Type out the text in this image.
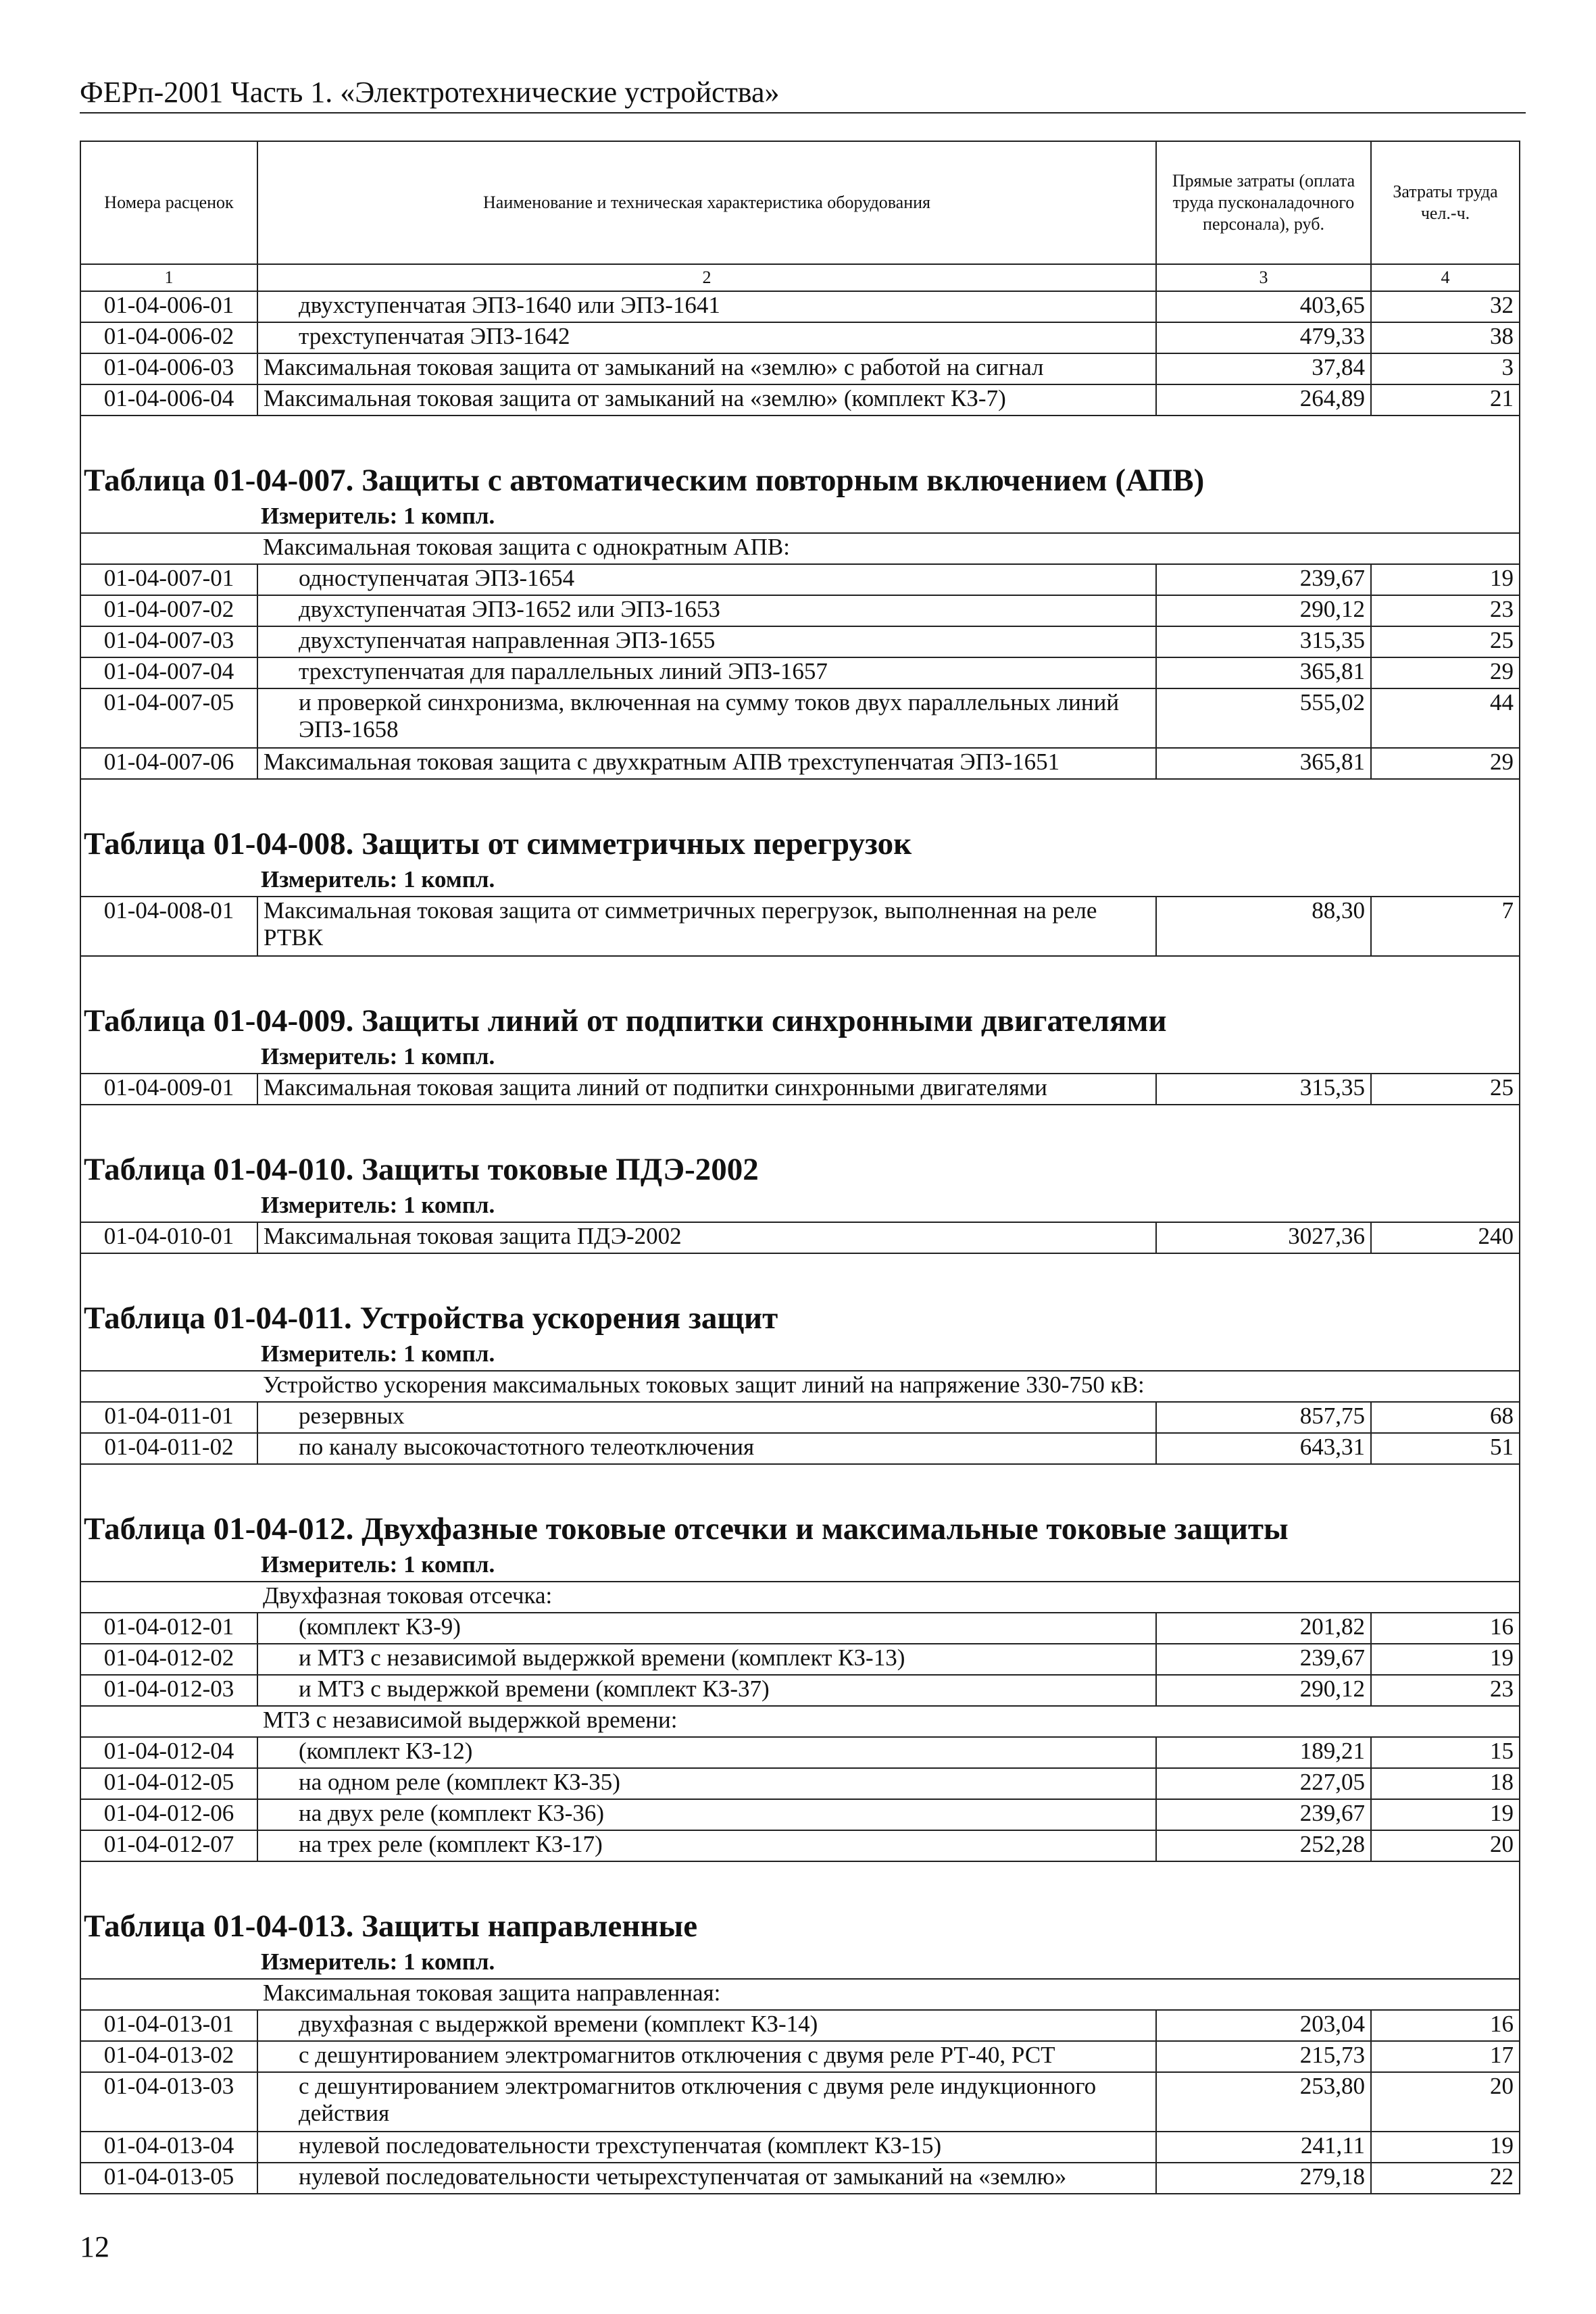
ФЕРп-2001 Часть 1. «Электротехнические устройства»
Номера расценок	Наименование и техническая характеристика оборудования	Прямые затраты (оплата труда пусконаладочного персонала), руб.	Затраты труда чел.-ч.
1	2	3	4
01-04-006-01	двухступенчатая ЭПЗ-1640 или ЭПЗ-1641	403,65	32
01-04-006-02	трехступенчатая ЭПЗ-1642	479,33	38
01-04-006-03	Максимальная токовая защита от замыканий на «землю» с работой на сигнал	37,84	3
01-04-006-04	Максимальная токовая защита от замыканий на «землю» (комплект КЗ-7)	264,89	21

Таблица 01-04-007. Защиты с автоматическим повторным включением (АПВ)			
Измеритель: 1 компл.			
	Максимальная токовая защита с однократным АПВ:		
01-04-007-01	одноступенчатая ЭПЗ-1654	239,67	19
01-04-007-02	двухступенчатая ЭПЗ-1652 или ЭПЗ-1653	290,12	23
01-04-007-03	двухступенчатая направленная ЭПЗ-1655	315,35	25
01-04-007-04	трехступенчатая для параллельных линий ЭПЗ-1657	365,81	29
01-04-007-05	и проверкой синхронизма, включенная на сумму токов двух параллельных линий ЭПЗ-1658	555,02	44
01-04-007-06	Максимальная токовая защита с двухкратным АПВ трехступенчатая ЭПЗ-1651	365,81	29

Таблица 01-04-008. Защиты от симметричных перегрузок			
Измеритель: 1 компл.			
01-04-008-01	Максимальная токовая защита от симметричных перегрузок, выполненная на реле РТВК	88,30	7

Таблица 01-04-009. Защиты линий от подпитки синхронными двигателями			
Измеритель: 1 компл.			
01-04-009-01	Максимальная токовая защита линий от подпитки синхронными двигателями	315,35	25

Таблица 01-04-010. Защиты токовые ПДЭ-2002			
Измеритель: 1 компл.			
01-04-010-01	Максимальная токовая защита ПДЭ-2002	3027,36	240

Таблица 01-04-011. Устройства ускорения защит			
Измеритель: 1 компл.			
	Устройство ускорения максимальных токовых защит линий на напряжение 330-750 кВ:		
01-04-011-01	резервных	857,75	68
01-04-011-02	по каналу высокочастотного телеотключения	643,31	51

Таблица 01-04-012. Двухфазные токовые отсечки и максимальные токовые защиты			
Измеритель: 1 компл.			
	Двухфазная токовая отсечка:		
01-04-012-01	(комплект КЗ-9)	201,82	16
01-04-012-02	и МТЗ с независимой выдержкой времени (комплект КЗ-13)	239,67	19
01-04-012-03	и МТЗ с выдержкой времени (комплект КЗ-37)	290,12	23
	МТЗ с независимой выдержкой времени:		
01-04-012-04	(комплект КЗ-12)	189,21	15
01-04-012-05	на одном реле (комплект КЗ-35)	227,05	18
01-04-012-06	на двух реле (комплект КЗ-36)	239,67	19
01-04-012-07	на трех реле (комплект КЗ-17)	252,28	20

Таблица 01-04-013. Защиты направленные			
Измеритель: 1 компл.			
	Максимальная токовая защита направленная:		
01-04-013-01	двухфазная с выдержкой времени (комплект КЗ-14)	203,04	16
01-04-013-02	с дешунтированием электромагнитов отключения с двумя реле РТ-40, РСТ	215,73	17
01-04-013-03	с дешунтированием электромагнитов отключения с двумя реле индукционного действия	253,80	20
01-04-013-04	нулевой последовательности трехступенчатая (комплект КЗ-15)	241,11	19
01-04-013-05	нулевой последовательности четырехступенчатая от замыканий на «землю»	279,18	22
12
